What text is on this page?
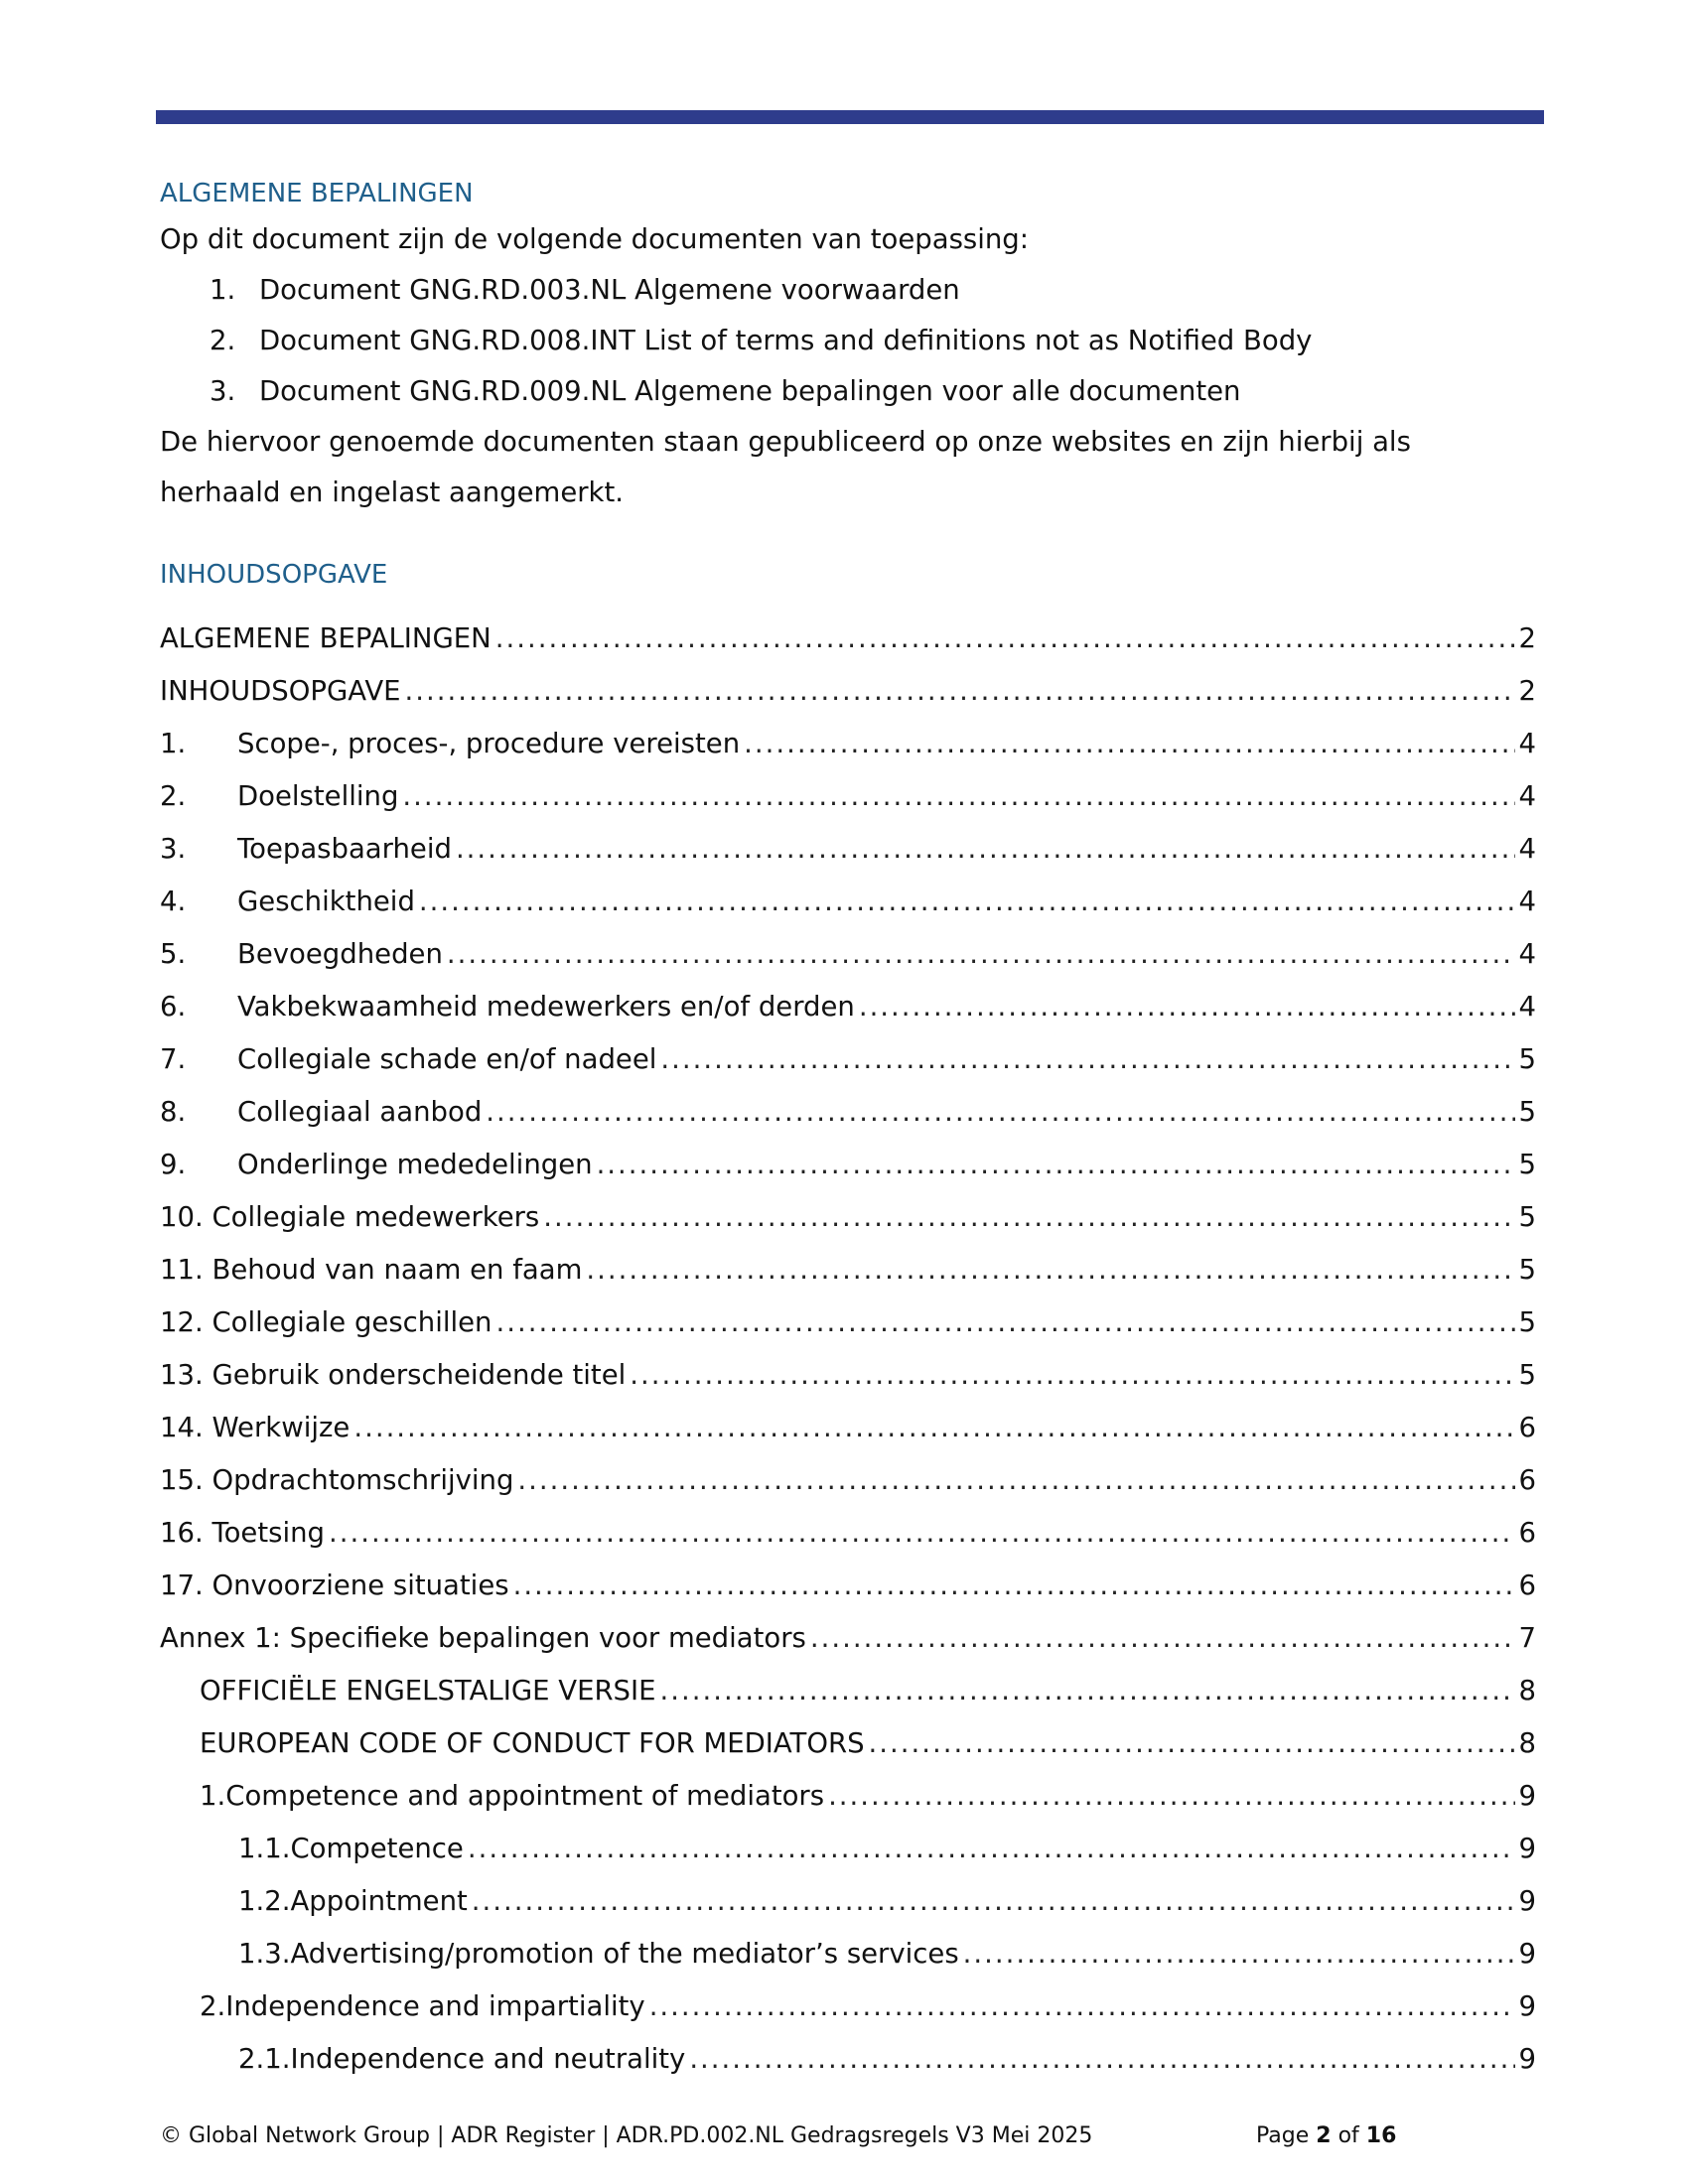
ALGEMENE BEPALINGEN

Op dit document zijn de volgende documenten van toepassing:

1. Document GNG.RD.003.NL Algemene voorwaarden
2. Document GNG.RD.008.INT List of terms and definitions not as Notified Body
3. Document GNG.RD.009.NL Algemene bepalingen voor alle documenten

De hiervoor genoemde documenten staan gepubliceerd op onze websites en zijn hierbij als

herhaald en ingelast aangemerkt.

INHOUDSOPGAVE
ALGEMENE BEPALINGEN .....	2
INHOUDSOPGAVE .....	2
1.	Scope-, proces-, procedure vereisten .....	4
2.	Doelstelling .....	4
3.	Toepasbaarheid .....	4
4.	Geschiktheid .....	4
5.	Bevoegdheden .....	4
6.	Vakbekwaamheid medewerkers en/of derden .....	4
7.	Collegiale schade en/of nadeel .....	5
8.	Collegiaal aanbod .....	5
9.	Onderlinge mededelingen .....	5
10. Collegiale medewerkers .....	5
11. Behoud van naam en faam .....	5
12. Collegiale geschillen .....	5
13. Gebruik onderscheidende titel .....	5
14. Werkwijze .....	6
15. Opdrachtomschrijving .....	6
16. Toetsing .....	6
17. Onvoorziene situaties .....	6
Annex 1: Specifieke bepalingen voor mediators .....	7
OFFICIËLE ENGELSTALIGE VERSIE .....	8
EUROPEAN CODE OF CONDUCT FOR MEDIATORS .....	8
1.Competence and appointment of mediators .....	9
1.1.Competence .....	9
1.2.Appointment .....	9
1.3.Advertising/promotion of the mediator’s services .....	9
2.Independence and impartiality .....	9
2.1.Independence and neutrality .....	9
© Global Network Group | ADR Register | ADR.PD.002.NL Gedragsregels V3 Mei 2025	Page 2 of 16
